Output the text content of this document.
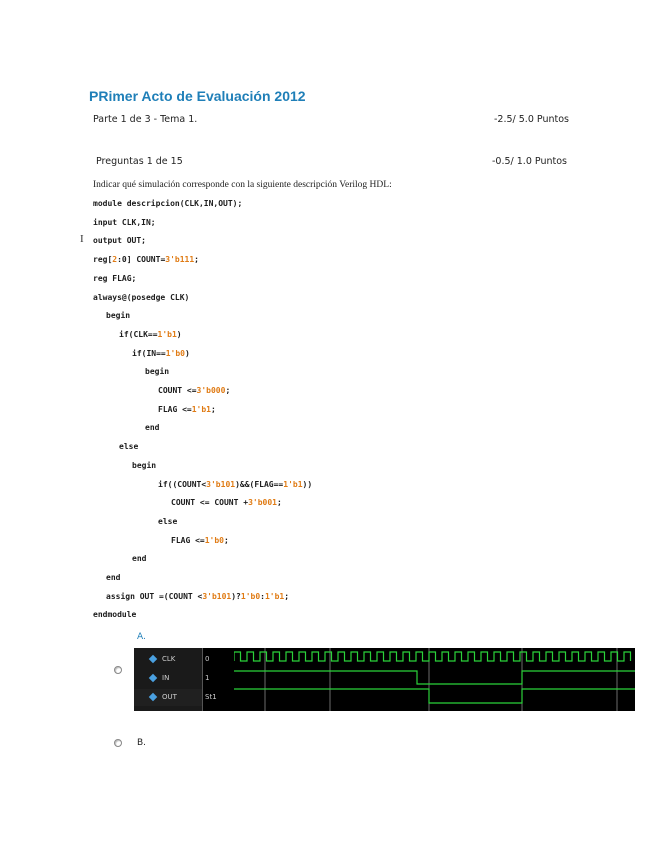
PRimer Acto de Evaluación 2012
Parte 1 de 3 - Tema 1.	-2.5/ 5.0 Puntos
Preguntas 1 de 15	-0.5/ 1.0 Puntos
Indicar qué simulación corresponde con la siguiente descripción Verilog HDL:
I
module descripcion(CLK,IN,OUT);
input CLK,IN;
output OUT;
reg[2:0] COUNT=3'b111;
reg FLAG;
always@(posedge CLK)
begin
if(CLK==1'b1)
if(IN==1'b0)
begin
COUNT <=3'b000;
FLAG <=1'b1;
end
else
begin
if((COUNT<3'b101)&&(FLAG==1'b1))
COUNT <= COUNT +3'b001;
else
FLAG <=1'b0;
end
end
assign OUT =(COUNT <3'b101)?1'b0:1'b1;
endmodule
A.
CLK
IN
OUT
0
1
St1
B.
